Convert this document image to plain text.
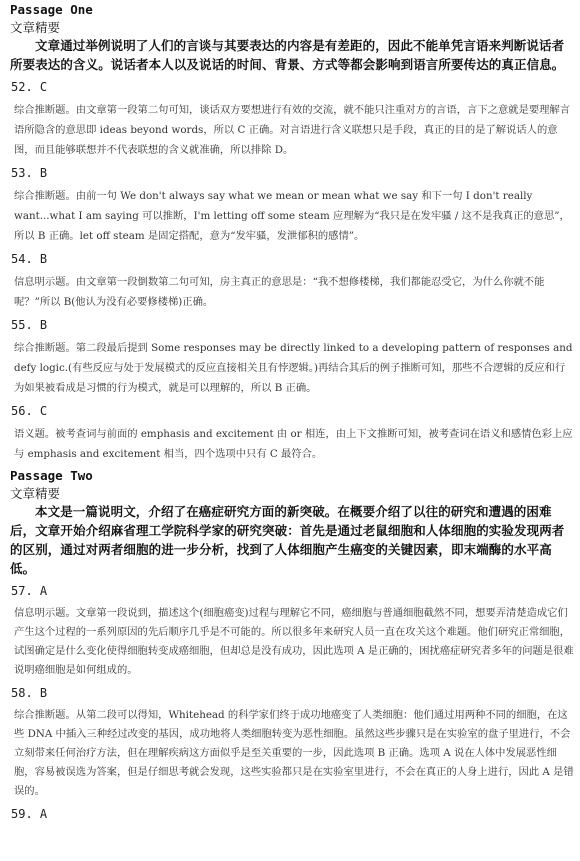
Passage One
文章精要

文章通过举例说明了人们的言谈与其要表达的内容是有差距的，因此不能单凭言语来判断说话者所要表达的含义。说话者本人以及说话的时间、背景、方式等都会影响到语言所要传达的真正信息。

52. C

综合推断题。由文章第一段第二句可知，谈话双方要想进行有效的交流，就不能只注重对方的言语，言下之意就是要理解言语所隐含的意思即 ideas beyond words，所以 C 正确。对言语进行含义联想只是手段，真正的目的是了解说话人的意图，而且能够联想并不代表联想的含义就准确，所以排除 D。

53. B

综合推断题。由前一句 We don't always say what we mean or mean what we say 和下一句 I don't really want...what I am saying 可以推断，I'm letting off some steam 应理解为“我只是在发牢骚 / 这不是我真正的意思”，所以 B 正确。let off steam 是固定搭配，意为“发牢骚，发泄郁积的感情”。

54. B

信息明示题。由文章第一段倒数第二句可知，房主真正的意思是：“我不想修楼梯，我们都能忍受它，为什么你就不能呢？”所以 B(他认为没有必要修楼梯)正确。

55. B

综合推断题。第二段最后提到 Some responses may be directly linked to a developing pattern of responses and defy logic.(有些反应与处于发展模式的反应直接相关且有悖逻辑。)再结合其后的例子推断可知，那些不合逻辑的反应和行为如果被看成是习惯的行为模式，就是可以理解的，所以 B 正确。

56. C

语义题。被考查词与前面的 emphasis and excitement 由 or 相连，由上下文推断可知，被考查词在语义和感情色彩上应与 emphasis and excitement 相当，四个选项中只有 C 最符合。

Passage Two
文章精要

本文是一篇说明文，介绍了在癌症研究方面的新突破。在概要介绍了以往的研究和遭遇的困难后，文章开始介绍麻省理工学院科学家的研究突破：首先是通过老鼠细胞和人体细胞的实验发现两者的区别，通过对两者细胞的进一步分析，找到了人体细胞产生癌变的关键因素，即末端酶的水平高低。

57. A

信息明示题。文章第一段说到，描述这个(细胞癌变)过程与理解它不同，癌细胞与普通细胞截然不同，想要弄清楚造成它们产生这个过程的一系列原因的先后顺序几乎是不可能的。所以很多年来研究人员一直在攻关这个难题。他们研究正常细胞，试图确定是什么变化使得细胞转变成癌细胞，但却总是没有成功，因此选项 A 是正确的，困扰癌症研究者多年的问题是很难说明癌细胞是如何组成的。

58. B

综合推断题。从第二段可以得知，Whitehead 的科学家们终于成功地癌变了人类细胞：他们通过用两种不同的细胞，在这些 DNA 中插入三种经过改变的基因，成功地将人类细胞转变为恶性细胞。虽然这些步骤只是在实验室的盘子里进行，不会立刻带来任何治疗方法，但在理解疾病这方面似乎是至关重要的一步，因此选项 B 正确。选项 A 说在人体中发展恶性细胞，容易被误选为答案，但是仔细思考就会发现，这些实验都只是在实验室里进行，不会在真正的人身上进行，因此 A 是错误的。

59. A
